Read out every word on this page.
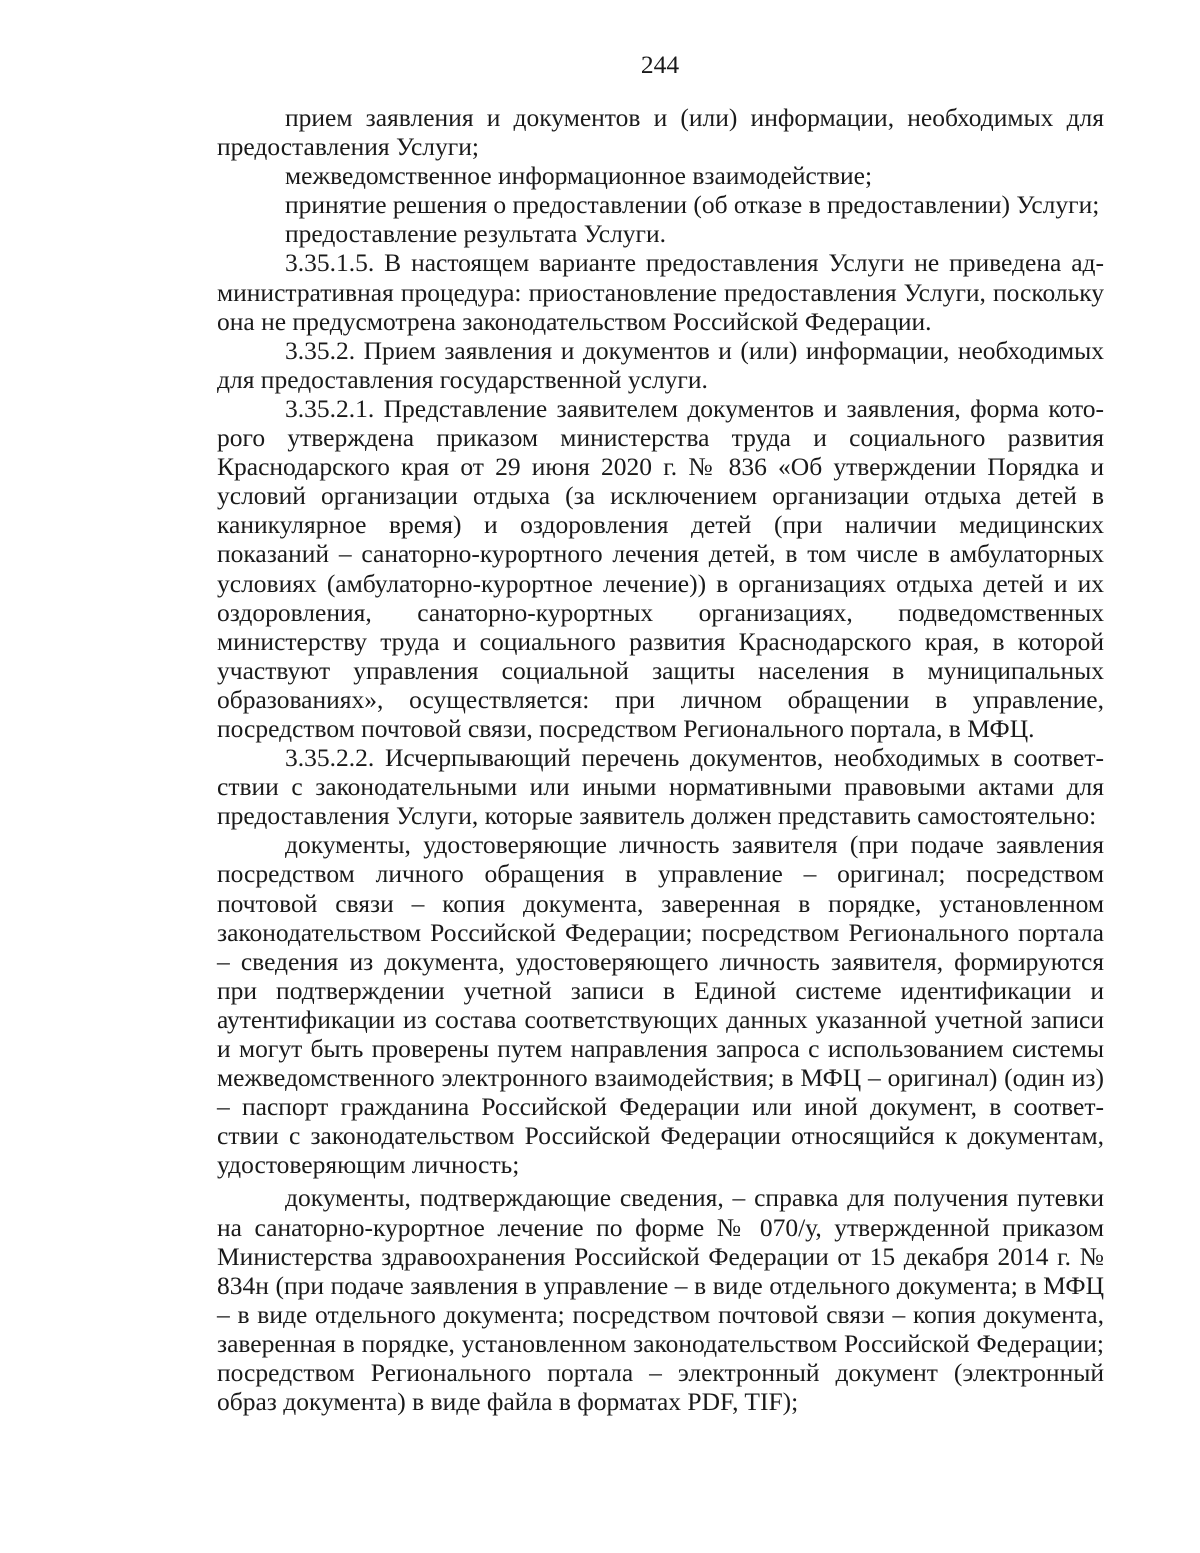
244

прием заявления и документов и (или) информации, необходимых для предоставления Услуги;

межведомственное информационное взаимодействие;

принятие решения о предоставлении (об отказе в предоставлении) Услуги;

предоставление результата Услуги.

3.35.1.5. В настоящем варианте предоставления Услуги не приведена административная процедура: приостановление предоставления Услуги, поскольку она не предусмотрена законодательством Российской Федерации.

3.35.2. Прием заявления и документов и (или) информации, необходимых для предоставления государственной услуги.

3.35.2.1. Представление заявителем документов и заявления, форма которого утверждена приказом министерства труда и социального развития Краснодарского края от 29 июня 2020 г. № 836 «Об утверждении Порядка и условий организации отдыха (за исключением организации отдыха детей в каникулярное время) и оздоровления детей (при наличии медицинских показаний – санаторно-курортного лечения детей, в том числе в амбулаторных условиях (амбулаторно-курортное лечение)) в организациях отдыха детей и их оздоровления, санаторно-курортных организациях, подведомственных министерству труда и социального развития Краснодарского края, в которой участвуют управления социальной защиты населения в муниципальных образованиях», осуществляется: при личном обращении в управление, посредством почтовой связи, посредством Регионального портала, в МФЦ.

3.35.2.2. Исчерпывающий перечень документов, необходимых в соответствии с законодательными или иными нормативными правовыми актами для предоставления Услуги, которые заявитель должен представить самостоятельно:

документы, удостоверяющие личность заявителя (при подаче заявления посредством личного обращения в управление – оригинал; посредством почтовой связи – копия документа, заверенная в порядке, установленном законодательством Российской Федерации; посредством Регионального портала – сведения из документа, удостоверяющего личность заявителя, формируются при подтверждении учетной записи в Единой системе идентификации и аутентификации из состава соответствующих данных указанной учетной записи и могут быть проверены путем направления запроса с использованием системы межведомственного электронного взаимодействия; в МФЦ – оригинал) (один из) – паспорт гражданина Российской Федерации или иной документ, в соответствии с законодательством Российской Федерации относящийся к документам, удостоверяющим личность;

документы, подтверждающие сведения, – справка для получения путевки на санаторно-курортное лечение по форме № 070/у, утвержденной приказом Министерства здравоохранения Российской Федерации от 15 декабря 2014 г. № 834н (при подаче заявления в управление – в виде отдельного документа; в МФЦ – в виде отдельного документа; посредством почтовой связи – копия документа, заверенная в порядке, установленном законодательством Российской Федерации; посредством Регионального портала – электронный документ (электронный образ документа) в виде файла в форматах PDF, TIF);
